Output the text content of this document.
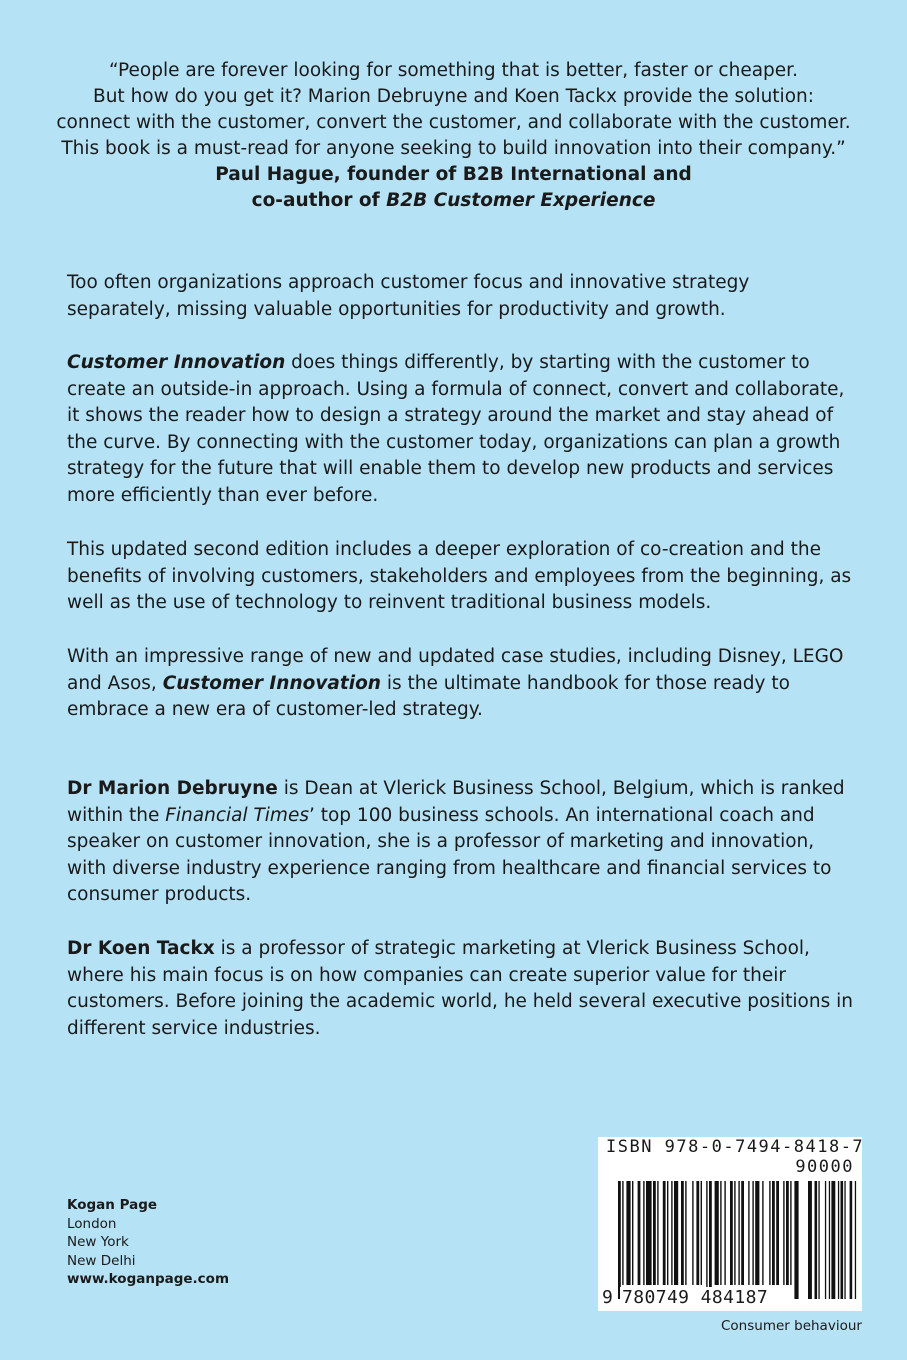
“People are forever looking for something that is better, faster or cheaper.
But how do you get it? Marion Debruyne and Koen Tackx provide the solution:
connect with the customer, convert the customer, and collaborate with the customer.
This book is a must-read for anyone seeking to build innovation into their company.”
Paul Hague, founder of B2B International and
co-author of B2B Customer Experience

Too often organizations approach customer focus and innovative strategy separately, missing valuable opportunities for productivity and growth.

Customer Innovation does things differently, by starting with the customer to create an outside-in approach. Using a formula of connect, convert and collaborate, it shows the reader how to design a strategy around the market and stay ahead of the curve. By connecting with the customer today, organizations can plan a growth strategy for the future that will enable them to develop new products and services more efficiently than ever before.

This updated second edition includes a deeper exploration of co-creation and the benefits of involving customers, stakeholders and employees from the beginning, as well as the use of technology to reinvent traditional business models.

With an impressive range of new and updated case studies, including Disney, LEGO and Asos, Customer Innovation is the ultimate handbook for those ready to embrace a new era of customer-led strategy.

Dr Marion Debruyne is Dean at Vlerick Business School, Belgium, which is ranked within the Financial Times’ top 100 business schools. An international coach and speaker on customer innovation, she is a professor of marketing and innovation, with diverse industry experience ranging from healthcare and financial services to consumer products.

Dr Koen Tackx is a professor of strategic marketing at Vlerick Business School, where his main focus is on how companies can create superior value for their customers. Before joining the academic world, he held several executive positions in different service industries.

Kogan Page
London
New York
New Delhi
www.koganpage.com
ISBN 978-0-7494-8418-7
90000
9 780749 484187
Consumer behaviour
